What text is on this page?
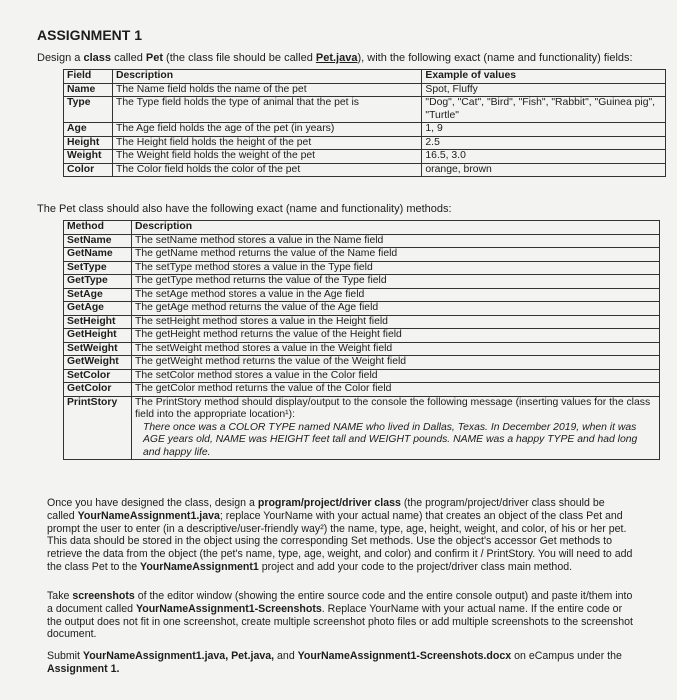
ASSIGNMENT 1
Design a class called Pet (the class file should be called Pet.java), with the following exact (name and functionality) fields:
Field	Description	Example of values
Name	The Name field holds the name of the pet	Spot, Fluffy
Type	The Type field holds the type of animal that the pet is	"Dog", "Cat", "Bird", "Fish", "Rabbit", "Guinea pig", "Turtle"
Age	The Age field holds the age of the pet (in years)	1, 9
Height	The Height field holds the height of the pet	2.5
Weight	The Weight field holds the weight of the pet	16.5, 3.0
Color	The Color field holds the color of the pet	orange, brown
The Pet class should also have the following exact (name and functionality) methods:
Method	Description
SetName	The setName method stores a value in the Name field
GetName	The getName method returns the value of the Name field
SetType	The setType method stores a value in the Type field
GetType	The getType method returns the value of the Type field
SetAge	The setAge method stores a value in the Age field
GetAge	The getAge method returns the value of the Age field
SetHeight	The setHeight method stores a value in the Height field
GetHeight	The getHeight method returns the value of the Height field
SetWeight	The setWeight method stores a value in the Weight field
GetWeight	The getWeight method returns the value of the Weight field
SetColor	The setColor method stores a value in the Color field
GetColor	The getColor method returns the value of the Color field
PrintStory	The PrintStory method should display/output to the console the following message (inserting values for the class field into the appropriate location¹):
There once was a COLOR TYPE named NAME who lived in Dallas, Texas. In December 2019, when it was AGE years old, NAME was HEIGHT feet tall and WEIGHT pounds. NAME was a happy TYPE and had long and happy life.
Once you have designed the class, design a program/project/driver class (the program/project/driver class should be called YourNameAssignment1.java; replace YourName with your actual name) that creates an object of the class Pet and prompt the user to enter (in a descriptive/user-friendly way²) the name, type, age, height, weight, and color, of his or her pet. This data should be stored in the object using the corresponding Set methods. Use the object's accessor Get methods to retrieve the data from the object (the pet's name, type, age, weight, and color) and confirm it / PrintStory. You will need to add the class Pet to the YourNameAssignment1 project and add your code to the project/driver class main method.
Take screenshots of the editor window (showing the entire source code and the entire console output) and paste it/them into a document called YourNameAssignment1-Screenshots. Replace YourName with your actual name. If the entire code or the output does not fit in one screenshot, create multiple screenshot photo files or add multiple screenshots to the screenshot document.
Submit YourNameAssignment1.java, Pet.java, and YourNameAssignment1-Screenshots.docx on eCampus under the Assignment 1.
